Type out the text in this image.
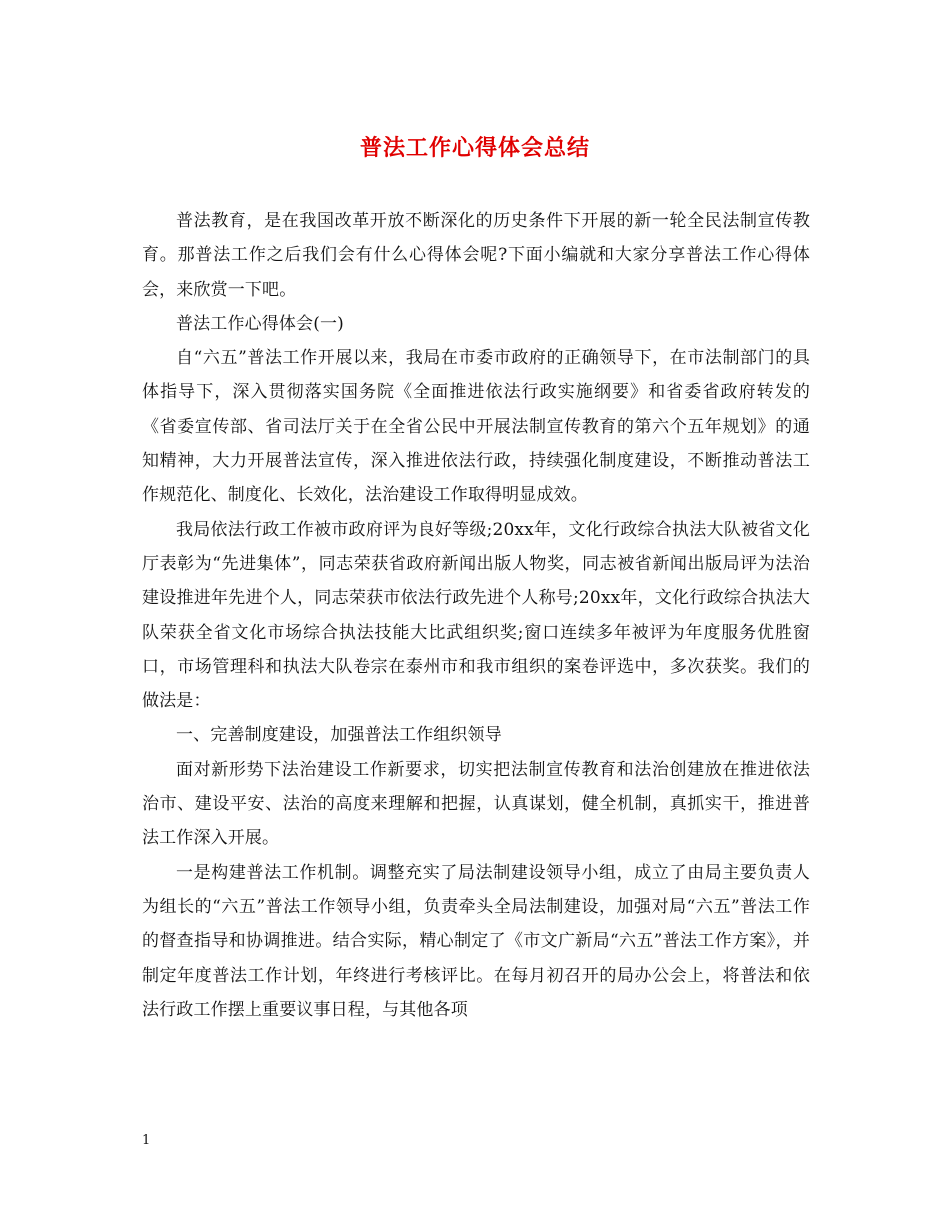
普法工作心得体会总结

普法教育，是在我国改革开放不断深化的历史条件下开展的新一轮全民法制宣传教育。那普法工作之后我们会有什么心得体会呢?下面小编就和大家分享普法工作心得体会，来欣赏一下吧。

普法工作心得体会(一)

自“六五”普法工作开展以来，我局在市委市政府的正确领导下，在市法制部门的具体指导下，深入贯彻落实国务院《全面推进依法行政实施纲要》和省委省政府转发的《省委宣传部、省司法厅关于在全省公民中开展法制宣传教育的第六个五年规划》的通知精神，大力开展普法宣传，深入推进依法行政，持续强化制度建设，不断推动普法工作规范化、制度化、长效化，法治建设工作取得明显成效。

我局依法行政工作被市政府评为良好等级;20xx年，文化行政综合执法大队被省文化厅表彰为“先进集体”，同志荣获省政府新闻出版人物奖，同志被省新闻出版局评为法治建设推进年先进个人，同志荣获市依法行政先进个人称号;20xx年，文化行政综合执法大队荣获全省文化市场综合执法技能大比武组织奖;窗口连续多年被评为年度服务优胜窗口，市场管理科和执法大队卷宗在泰州市和我市组织的案卷评选中，多次获奖。我们的做法是：

一、完善制度建设，加强普法工作组织领导

面对新形势下法治建设工作新要求，切实把法制宣传教育和法治创建放在推进依法治市、建设平安、法治的高度来理解和把握，认真谋划，健全机制，真抓实干，推进普法工作深入开展。

一是构建普法工作机制。调整充实了局法制建设领导小组，成立了由局主要负责人为组长的“六五”普法工作领导小组，负责牵头全局法制建设，加强对局“六五”普法工作的督查指导和协调推进。结合实际，精心制定了《市文广新局“六五”普法工作方案》，并制定年度普法工作计划，年终进行考核评比。在每月初召开的局办公会上，将普法和依法行政工作摆上重要议事日程，与其他各项

1
